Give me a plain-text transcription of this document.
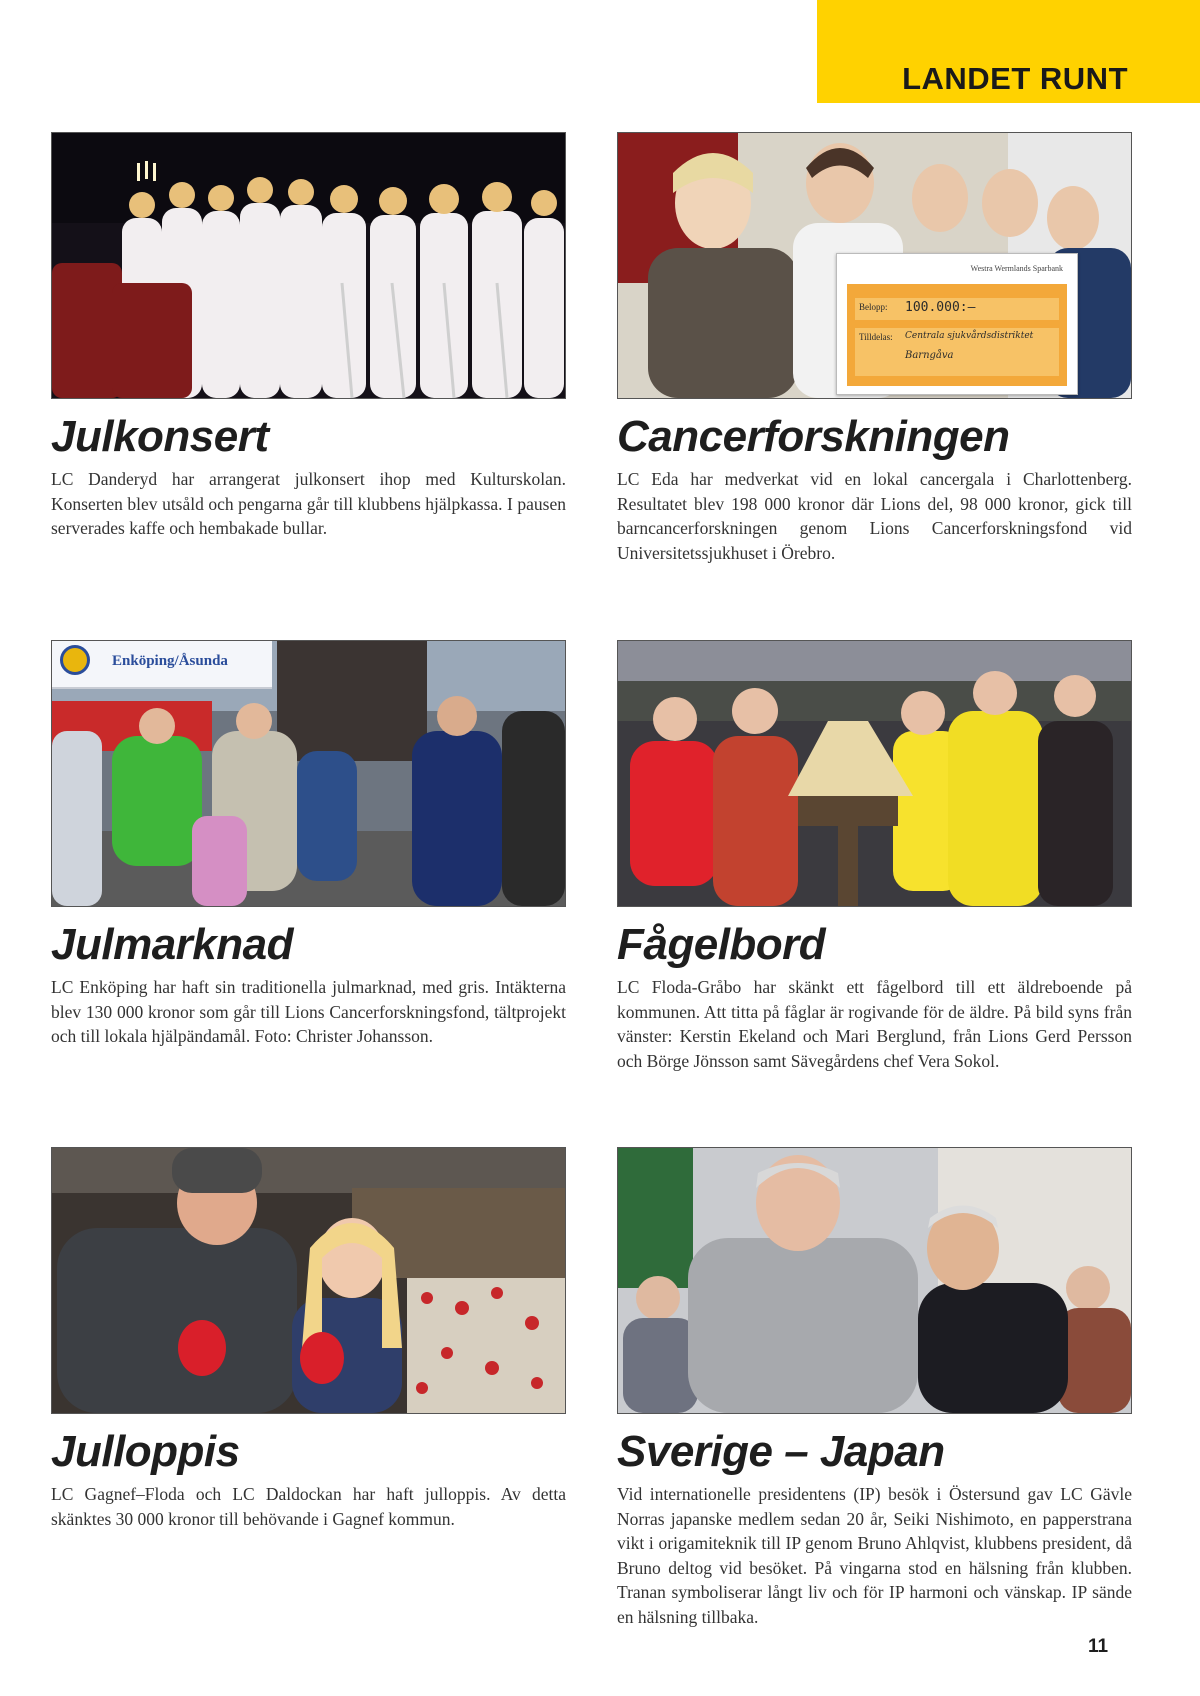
LANDET RUNT
Julkonsert

LC Danderyd har arrangerat julkonsert ihop med Kulturskolan. Konserten blev utsåld och pengarna går till klubbens hjälpkassa. I pausen serverades kaffe och hembakade bullar.

Westra Wermlands Sparbank
Belopp: 100.000:–
Tilldelas: Centrala sjukvårdsdistriktet
Barngåva
Cancerforskningen

LC Eda har medverkat vid en lokal cancergala i Charlottenberg. Resultatet blev 198 000 kronor där Lions del, 98 000 kronor, gick till barncancerforskningen genom Lions Cancerforskningsfond vid Universitetssjukhuset i Örebro.

Enköping/Åsunda
Julmarknad

LC Enköping har haft sin traditionella julmarknad, med gris. Intäkterna blev 130 000 kronor som går till Lions Cancerforskningsfond, tältprojekt och till lokala hjälpändamål. Foto: Christer Johansson.

Fågelbord

LC Floda-Gråbo har skänkt ett fågelbord till ett äldreboende på kommunen. Att titta på fåglar är rogivande för de äldre. På bild syns från vänster: Kerstin Ekeland och Mari Berglund, från Lions Gerd Persson och Börge Jönsson samt Sävegårdens chef Vera Sokol.

Julloppis

LC Gagnef–Floda och LC Daldockan har haft julloppis. Av detta skänktes 30 000 kronor till behövande i Gagnef kommun.

Sverige – Japan

Vid internationelle presidentens (IP) besök i Östersund gav LC Gävle Norras japanske medlem sedan 20 år, Seiki Nishimoto, en papperstrana vikt i origamiteknik till IP genom Bruno Ahlqvist, klubbens president, då Bruno deltog vid besöket. På vingarna stod en hälsning från klubben. Tranan symboliserar långt liv och för IP harmoni och vänskap. IP sände en hälsning tillbaka.

11
